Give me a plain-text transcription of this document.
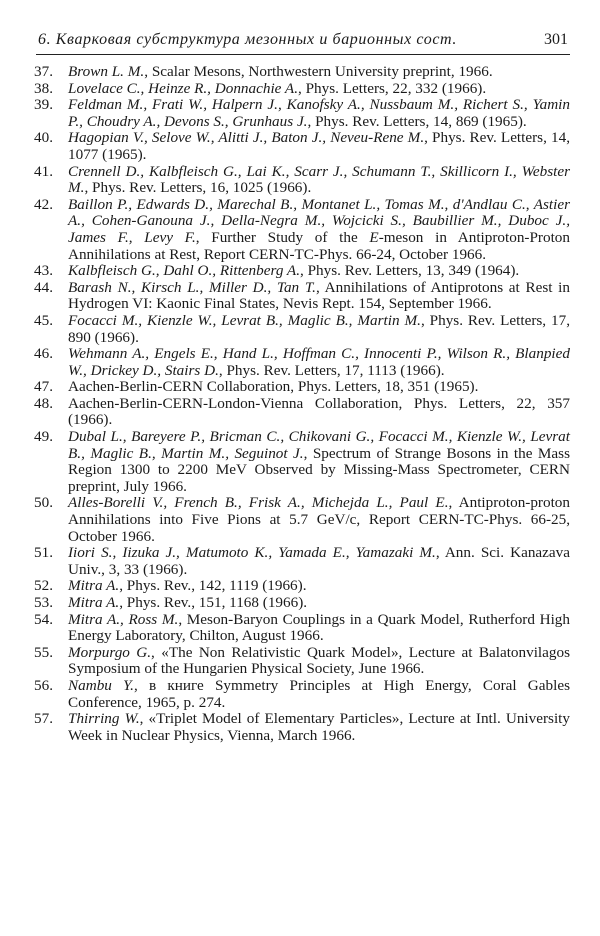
6. Кварковая субструктура мезонных и барионных сост.	301
37. Brown L. M., Scalar Mesons, Northwestern University preprint, 1966.
38. Lovelace C., Heinze R., Donnachie A., Phys. Letters, 22, 332 (1966).
39. Feldman M., Frati W., Halpern J., Kanofsky A., Nussbaum M., Richert S., Yamin P., Choudry A., Devons S., Grunhaus J., Phys. Rev. Letters, 14, 869 (1965).
40. Hagopian V., Selove W., Alitti J., Baton J., Neveu-Rene M., Phys. Rev. Letters, 14, 1077 (1965).
41. Crennell D., Kalbfleisch G., Lai K., Scarr J., Schumann T., Skillicorn I., Webster M., Phys. Rev. Letters, 16, 1025 (1966).
42. Baillon P., Edwards D., Marechal B., Montanet L., Tomas M., d'Andlau C., Astier A., Cohen-Ganouna J., Della-Negra M., Wojcicki S., Baubillier M., Duboc J., James F., Levy F., Further Study of the E-meson in Antiproton-Proton Annihilations at Rest, Report CERN-TC-Phys. 66-24, October 1966.
43. Kalbfleisch G., Dahl O., Rittenberg A., Phys. Rev. Letters, 13, 349 (1964).
44. Barash N., Kirsch L., Miller D., Tan T., Annihilations of Antiprotons at Rest in Hydrogen VI: Kaonic Final States, Nevis Rept. 154, September 1966.
45. Focacci M., Kienzle W., Levrat B., Maglic B., Martin M., Phys. Rev. Letters, 17, 890 (1966).
46. Wehmann A., Engels E., Hand L., Hoffman C., Innocenti P., Wilson R., Blanpied W., Drickey D., Stairs D., Phys. Rev. Letters, 17, 1113 (1966).
47. Aachen-Berlin-CERN Collaboration, Phys. Letters, 18, 351 (1965).
48. Aachen-Berlin-CERN-London-Vienna Collaboration, Phys. Letters, 22, 357 (1966).
49. Dubal L., Bareyere P., Bricman C., Chikovani G., Focacci M., Kienzle W., Levrat B., Maglic B., Martin M., Seguinot J., Spectrum of Strange Bosons in the Mass Region 1300 to 2200 MeV Observed by Missing-Mass Spectrometer, CERN preprint, July 1966.
50. Alles-Borelli V., French B., Frisk A., Michejda L., Paul E., Antiproton-proton Annihilations into Five Pions at 5.7 GeV/c, Report CERN-TC-Phys. 66-25, October 1966.
51. Iiori S., Iizuka J., Matumoto K., Yamada E., Yamazaki M., Ann. Sci. Kanazava Univ., 3, 33 (1966).
52. Mitra A., Phys. Rev., 142, 1119 (1966).
53. Mitra A., Phys. Rev., 151, 1168 (1966).
54. Mitra A., Ross M., Meson-Baryon Couplings in a Quark Model, Rutherford High Energy Laboratory, Chilton, August 1966.
55. Morpurgo G., «The Non Relativistic Quark Model», Lecture at Balatonvilagos Symposium of the Hungarien Physical Society, June 1966.
56. Nambu Y., в книге Symmetry Principles at High Energy, Coral Gables Conference, 1965, p. 274.
57. Thirring W., «Triplet Model of Elementary Particles», Lecture at Intl. University Week in Nuclear Physics, Vienna, March 1966.
